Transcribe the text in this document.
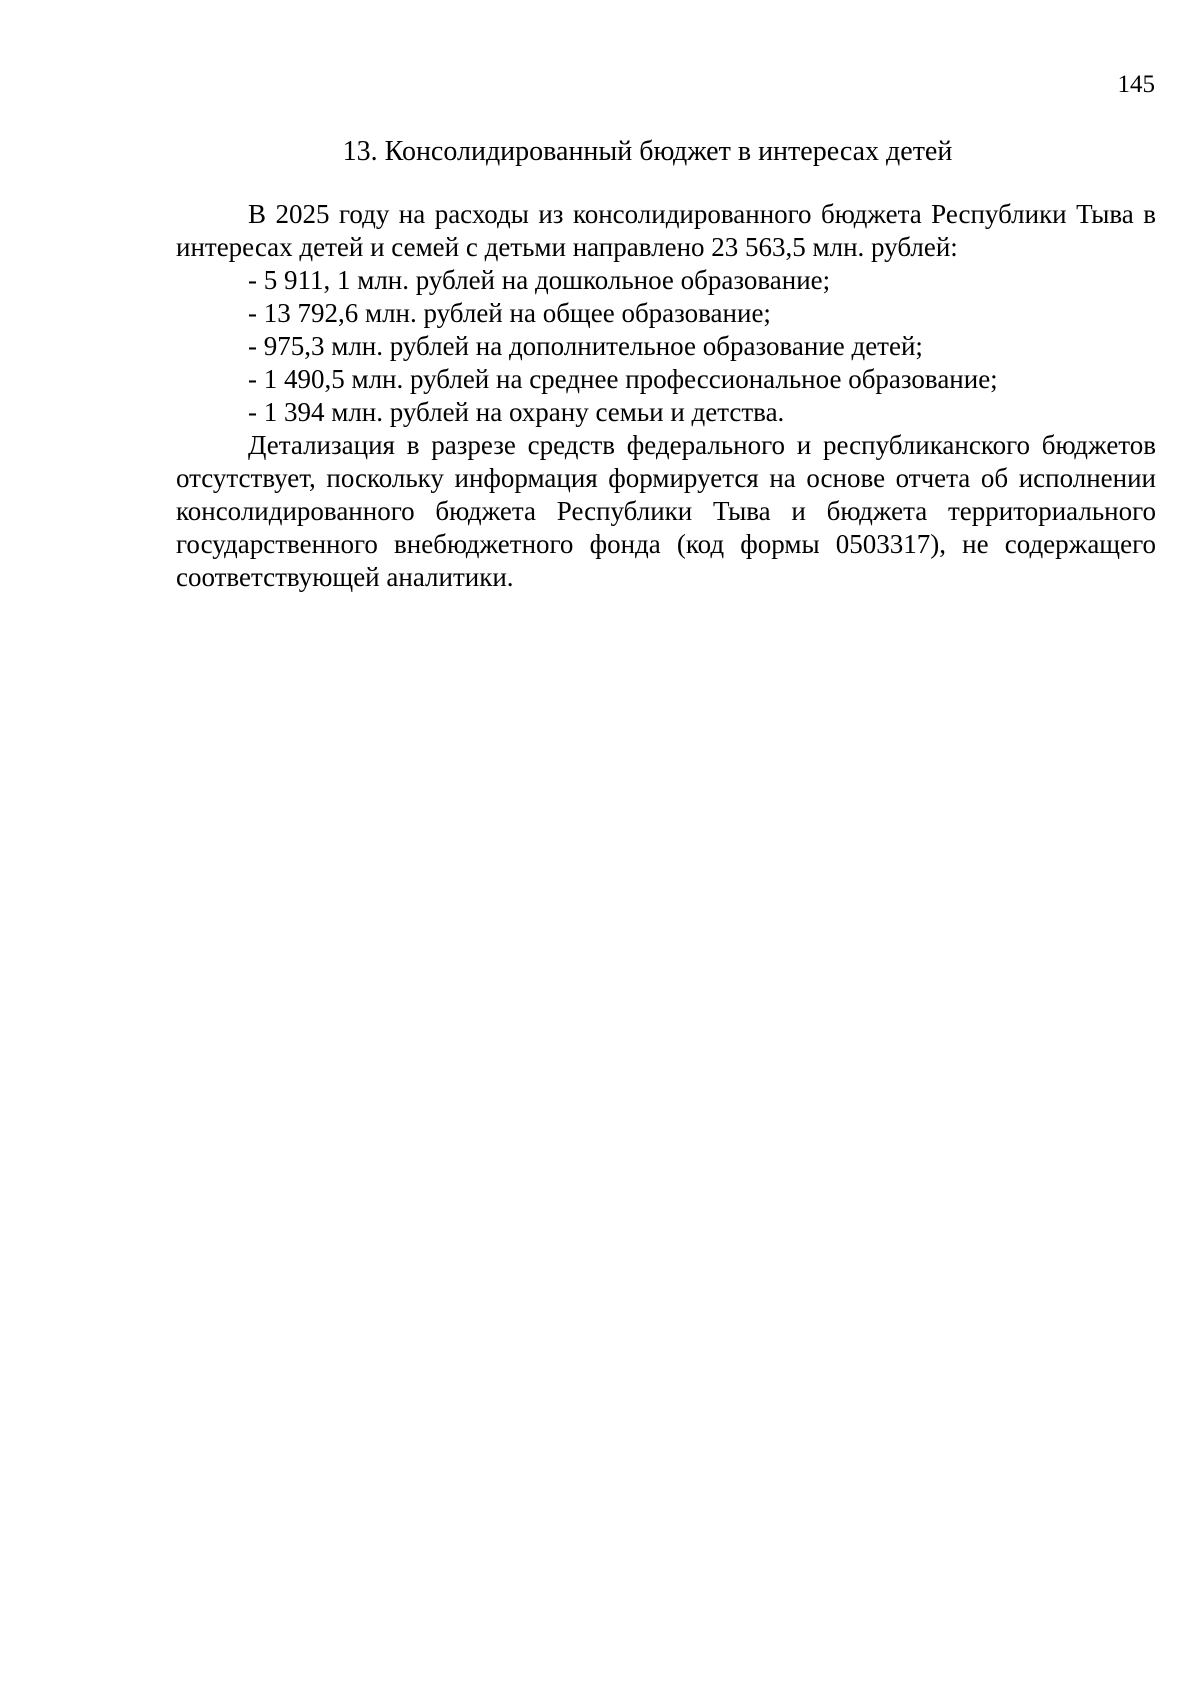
145
13. Консолидированный бюджет в интересах детей

В 2025 году на расходы из консолидированного бюджета Республики Тыва в интересах детей и семей с детьми направлено 23 563,5 млн. рублей:

- 5 911, 1 млн. рублей на дошкольное образование;
- 13 792,6 млн. рублей на общее образование;
- 975,3 млн. рублей на дополнительное образование детей;
- 1 490,5 млн. рублей на среднее профессиональное образование;
- 1 394 млн. рублей на охрану семьи и детства.

Детализация в разрезе средств федерального и республиканского бюджетов отсутствует, поскольку информация формируется на основе отчета об исполнении консолидированного бюджета Республики Тыва и бюджета территориального государственного внебюджетного фонда (код формы 0503317), не содержащего соответствующей аналитики.
